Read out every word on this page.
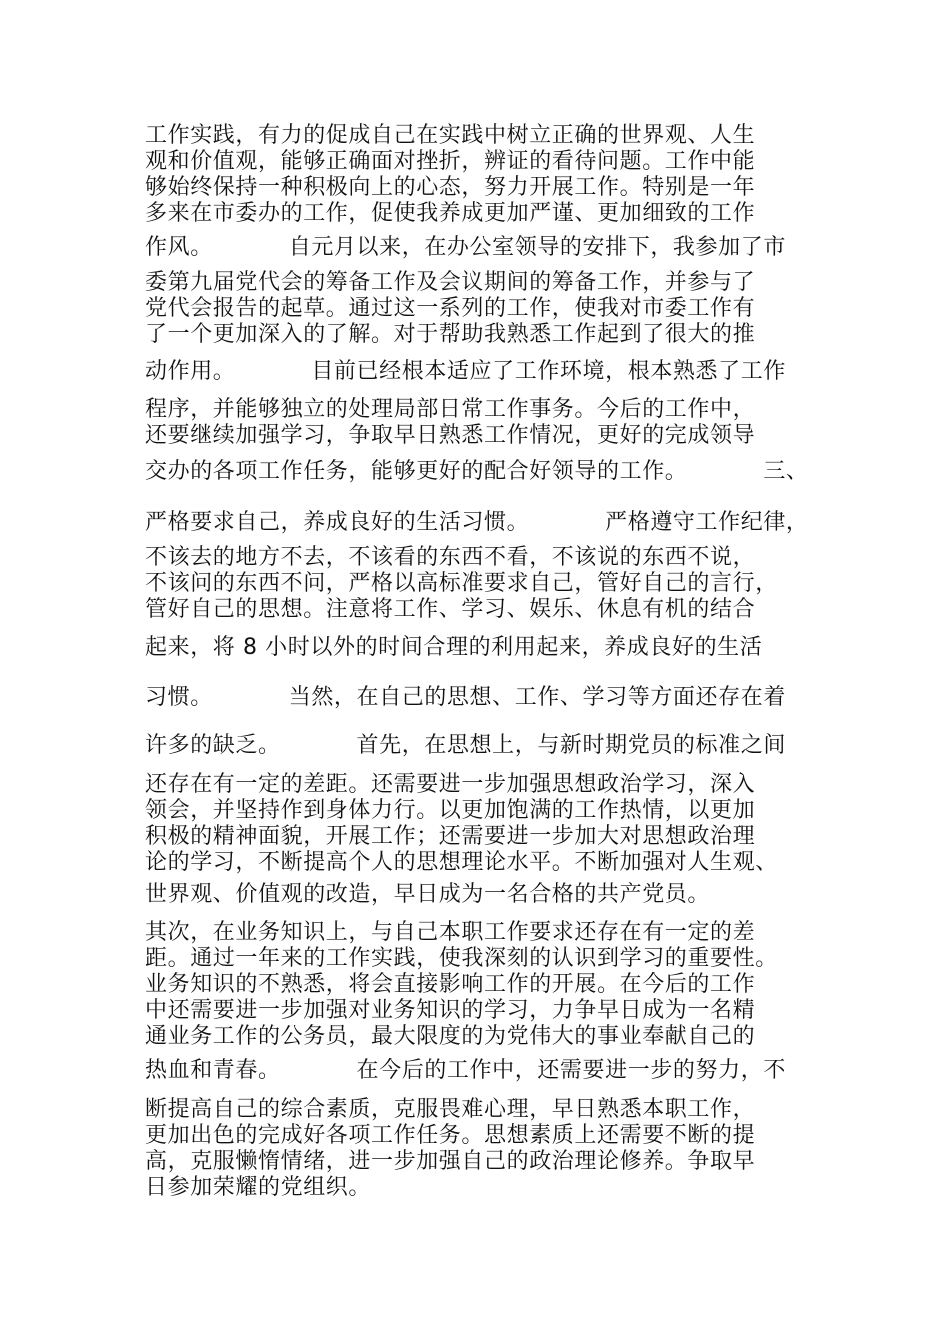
工作实践，有力的促成自己在实践中树立正确的世界观、人生
观和价值观，能够正确面对挫折，辨证的看待问题。工作中能
够始终保持一种积极向上的心态，努力开展工作。特别是一年
多来在市委办的工作，促使我养成更加严谨、更加细致的工作
作风。          自元月以来，在办公室领导的安排下，我参加了市
委第九届党代会的筹备工作及会议期间的筹备工作，并参与了
党代会报告的起草。通过这一系列的工作，使我对市委工作有
了一个更加深入的了解。对于帮助我熟悉工作起到了很大的推
动作用。          目前已经根本适应了工作环境，根本熟悉了工作
程序，并能够独立的处理局部日常工作事务。今后的工作中，
还要继续加强学习，争取早日熟悉工作情况，更好的完成领导
交办的各项工作任务，能够更好的配合好领导的工作。          三、
严格要求自己，养成良好的生活习惯。          严格遵守工作纪律，
不该去的地方不去，不该看的东西不看，不该说的东西不说，
不该问的东西不问，严格以高标准要求自己，管好自己的言行，
管好自己的思想。注意将工作、学习、娱乐、休息有机的结合
起来，将 8 小时以外的时间合理的利用起来，养成良好的生活
习惯。          当然，在自己的思想、工作、学习等方面还存在着
许多的缺乏。          首先，在思想上，与新时期党员的标准之间
还存在有一定的差距。还需要进一步加强思想政治学习，深入
领会，并坚持作到身体力行。以更加饱满的工作热情，以更加
积极的精神面貌，开展工作；还需要进一步加大对思想政治理
论的学习，不断提高个人的思想理论水平。不断加强对人生观、
世界观、价值观的改造，早日成为一名合格的共产党员。
其次，在业务知识上，与自己本职工作要求还存在有一定的差
距。通过一年来的工作实践，使我深刻的认识到学习的重要性。
业务知识的不熟悉，将会直接影响工作的开展。在今后的工作
中还需要进一步加强对业务知识的学习，力争早日成为一名精
通业务工作的公务员，最大限度的为党伟大的事业奉献自己的
热血和青春。          在今后的工作中，还需要进一步的努力，不
断提高自己的综合素质，克服畏难心理，早日熟悉本职工作，
更加出色的完成好各项工作任务。思想素质上还需要不断的提
高，克服懒惰情绪，进一步加强自己的政治理论修养。争取早
日参加荣耀的党组织。
